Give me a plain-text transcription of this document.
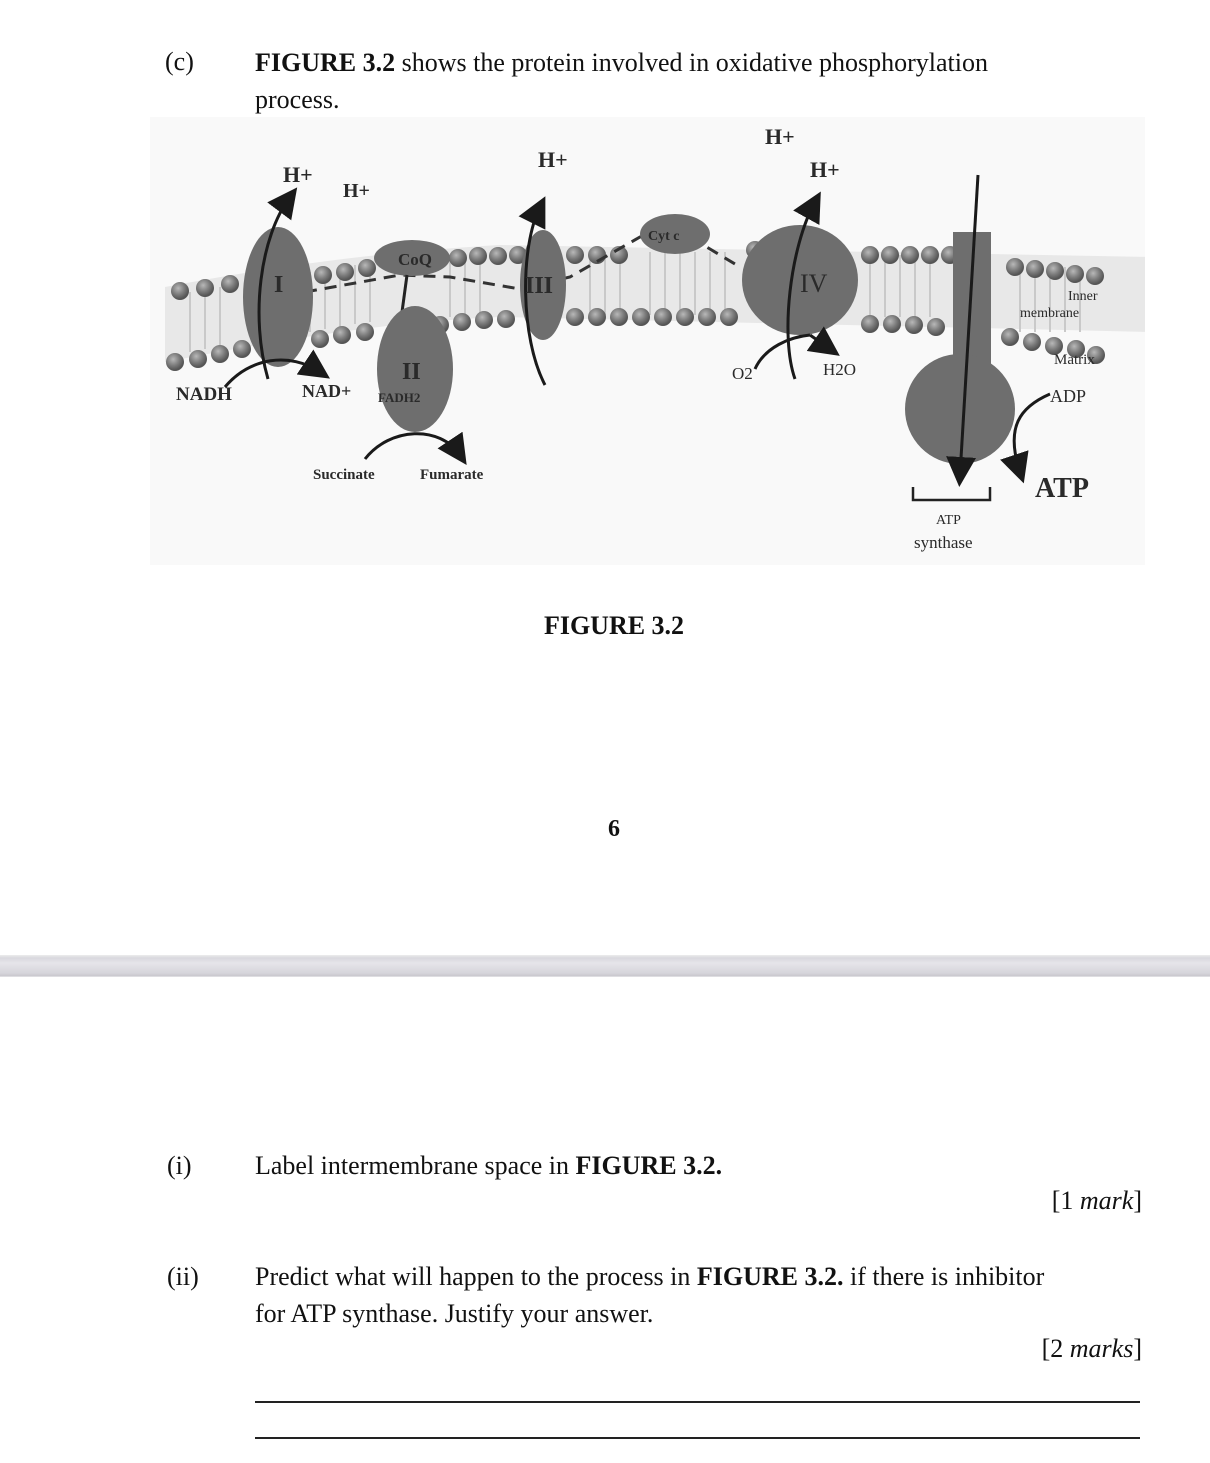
(c) FIGURE 3.2 shows the protein involved in oxidative phosphorylation
process.
H+
H+
H+
H+
H+
I
CoQ
II
FADH2
III
Cyt c
IV
NADH	NAD+
Succinate	Fumarate
O2	H2O
Inner
membrane
Matrix
ADP
ATP
ATP
synthase
FIGURE 3.2
6
(i) Label intermembrane space in FIGURE 3.2.
[1 mark]
(ii) Predict what will happen to the process in FIGURE 3.2. if there is inhibitor
for ATP synthase. Justify your answer.
[2 marks]
